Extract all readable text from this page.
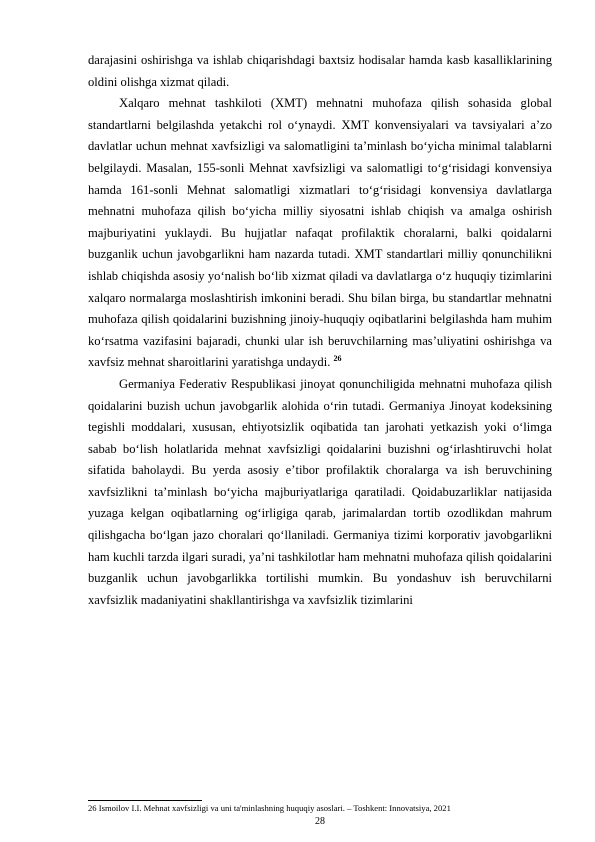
darajasini oshirishga va ishlab chiqarishdagi baxtsiz hodisalar hamda kasb kasalliklarining oldini olishga xizmat qiladi.

Xalqaro mehnat tashkiloti (XMT) mehnatni muhofaza qilish sohasida global standartlarni belgilashda yetakchi rol oʻynaydi. XMT konvensiyalari va tavsiyalari aʼzo davlatlar uchun mehnat xavfsizligi va salomatligini taʼminlash boʻyicha minimal talablarni belgilaydi. Masalan, 155-sonli Mehnat xavfsizligi va salomatligi toʻgʻrisidagi konvensiya hamda 161-sonli Mehnat salomatligi xizmatlari toʻgʻrisidagi konvensiya davlatlarga mehnatni muhofaza qilish boʻyicha milliy siyosatni ishlab chiqish va amalga oshirish majburiyatini yuklaydi. Bu hujjatlar nafaqat profilaktik choralarni, balki qoidalarni buzganlik uchun javobgarlikni ham nazarda tutadi. XMT standartlari milliy qonunchilikni ishlab chiqishda asosiy yoʻnalish boʻlib xizmat qiladi va davlatlarga oʻz huquqiy tizimlarini xalqaro normalarga moslashtirish imkonini beradi. Shu bilan birga, bu standartlar mehnatni muhofaza qilish qoidalarini buzishning jinoiy-huquqiy oqibatlarini belgilashda ham muhim koʻrsatma vazifasini bajaradi, chunki ular ish beruvchilarning mas’uliyatini oshirishga va xavfsiz mehnat sharoitlarini yaratishga undaydi. $^{26}$

Germaniya Federativ Respublikasi jinoyat qonunchiligida mehnatni muhofaza qilish qoidalarini buzish uchun javobgarlik alohida oʻrin tutadi. Germaniya Jinoyat kodeksining tegishli moddalari, xususan, ehtiyotsizlik oqibatida tan jarohati yetkazish yoki oʻlimga sabab boʻlish holatlarida mehnat xavfsizligi qoidalarini buzishni ogʻirlashtiruvchi holat sifatida baholaydi. Bu yerda asosiy eʼtibor profilaktik choralarga va ish beruvchining xavfsizlikni taʼminlash boʻyicha majburiyatlariga qaratiladi. Qoidabuzarliklar natijasida yuzaga kelgan oqibatlarning ogʻirligiga qarab, jarimalardan tortib ozodlikdan mahrum qilishgacha boʻlgan jazo choralari qoʻllaniladi. Germaniya tizimi korporativ javobgarlikni ham kuchli tarzda ilgari suradi, yaʼni tashkilotlar ham mehnatni muhofaza qilish qoidalarini buzganlik uchun javobgarlikka tortilishi mumkin. Bu yondashuv ish beruvchilarni xavfsizlik madaniyatini shakllantirishga va xavfsizlik tizimlarini

26 Ismoilov I.I. Mehnat xavfsizligi va uni ta'minlashning huquqiy asoslari. – Toshkent: Innovatsiya, 2021
28
